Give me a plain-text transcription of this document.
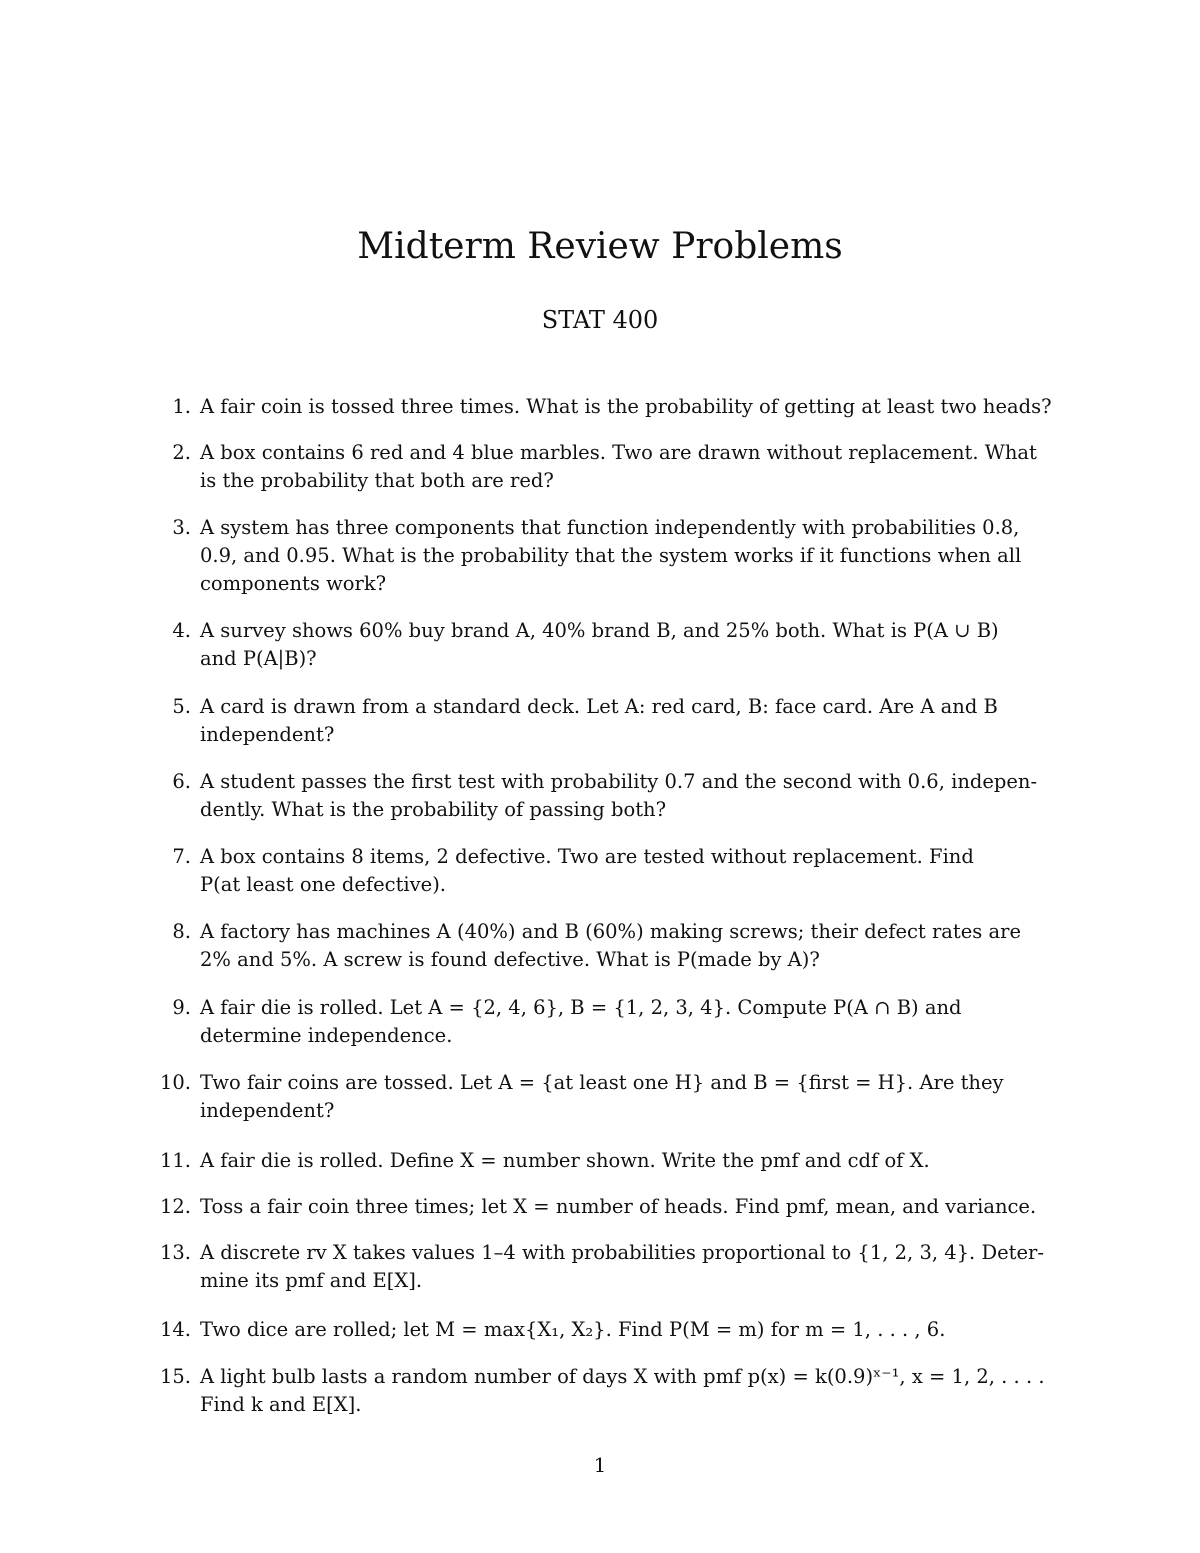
Midterm Review Problems
STAT 400
1. A fair coin is tossed three times. What is the probability of getting at least two heads?
2. A box contains 6 red and 4 blue marbles. Two are drawn without replacement. What
is the probability that both are red?
3. A system has three components that function independently with probabilities 0.8,
0.9, and 0.95. What is the probability that the system works if it functions when all
components work?
4. A survey shows 60% buy brand A, 40% brand B, and 25% both. What is P(A ∪ B)
and P(A|B)?
5. A card is drawn from a standard deck. Let A: red card, B: face card. Are A and B
independent?
6. A student passes the first test with probability 0.7 and the second with 0.6, indepen-
dently. What is the probability of passing both?
7. A box contains 8 items, 2 defective. Two are tested without replacement. Find
P(at least one defective).
8. A factory has machines A (40%) and B (60%) making screws; their defect rates are
2% and 5%. A screw is found defective. What is P(made by A)?
9. A fair die is rolled. Let A = {2, 4, 6}, B = {1, 2, 3, 4}. Compute P(A ∩ B) and
determine independence.
10. Two fair coins are tossed. Let A = {at least one H} and B = {first = H}. Are they
independent?
11. A fair die is rolled. Define X = number shown. Write the pmf and cdf of X.
12. Toss a fair coin three times; let X = number of heads. Find pmf, mean, and variance.
13. A discrete rv X takes values 1–4 with probabilities proportional to {1, 2, 3, 4}. Deter-
mine its pmf and E[X].
14. Two dice are rolled; let M = max{X₁, X₂}. Find P(M = m) for m = 1, . . . , 6.
15. A light bulb lasts a random number of days X with pmf p(x) = k(0.9)ˣ⁻¹, x = 1, 2, . . . .
Find k and E[X].
1
